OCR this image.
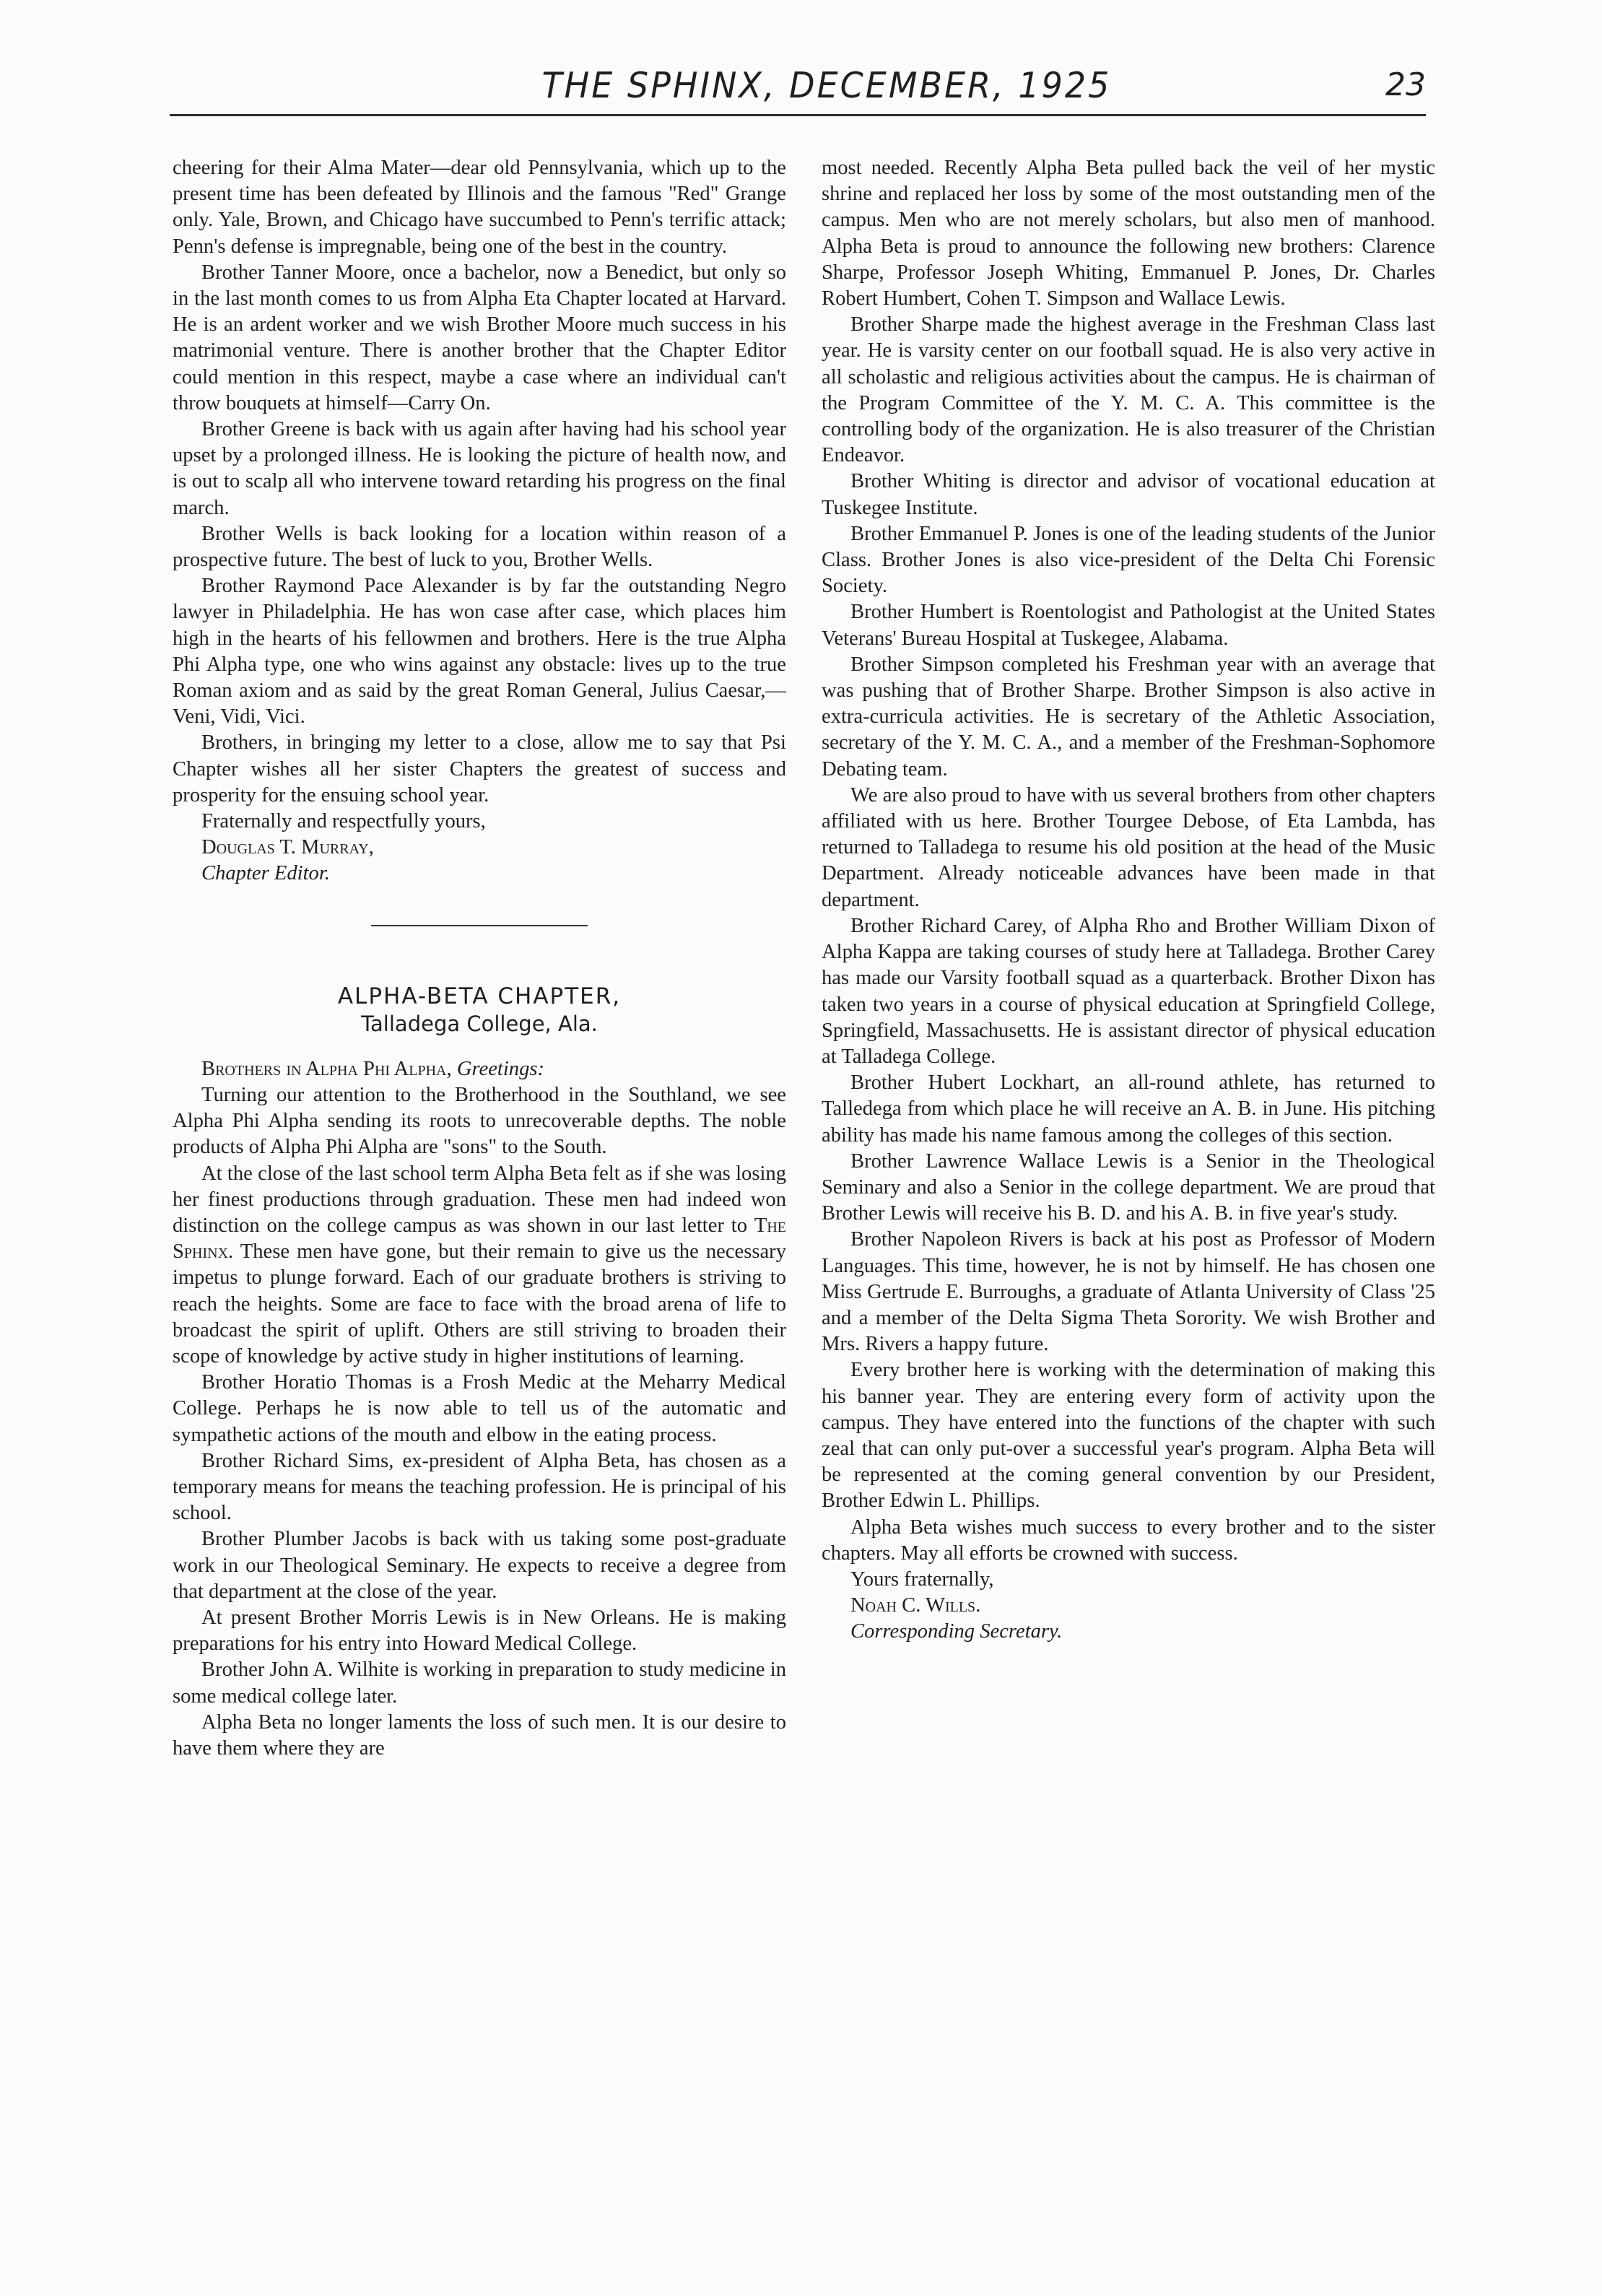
THE SPHINX, DECEMBER, 1925	23

cheering for their Alma Mater—dear old Pennsylvania, which up to the present time has been defeated by Illinois and the famous "Red" Grange only. Yale, Brown, and Chicago have succumbed to Penn's terrific attack; Penn's defense is impregnable, being one of the best in the country.

Brother Tanner Moore, once a bachelor, now a Benedict, but only so in the last month comes to us from Alpha Eta Chapter located at Harvard. He is an ardent worker and we wish Brother Moore much success in his matrimonial venture. There is another brother that the Chapter Editor could mention in this respect, maybe a case where an individual can't throw bouquets at himself—Carry On.

Brother Greene is back with us again after having had his school year upset by a prolonged illness. He is looking the picture of health now, and is out to scalp all who intervene toward retarding his progress on the final march.

Brother Wells is back looking for a location within reason of a prospective future. The best of luck to you, Brother Wells.

Brother Raymond Pace Alexander is by far the outstanding Negro lawyer in Philadelphia. He has won case after case, which places him high in the hearts of his fellowmen and brothers. Here is the true Alpha Phi Alpha type, one who wins against any obstacle: lives up to the true Roman axiom and as said by the great Roman General, Julius Caesar,—Veni, Vidi, Vici.

Brothers, in bringing my letter to a close, allow me to say that Psi Chapter wishes all her sister Chapters the greatest of success and prosperity for the ensuing school year.

Fraternally and respectfully yours,

Douglas T. Murray,

Chapter Editor.

ALPHA-BETA CHAPTER,
Talladega College, Ala.

Brothers in Alpha Phi Alpha, Greetings:

Turning our attention to the Brotherhood in the Southland, we see Alpha Phi Alpha sending its roots to unrecoverable depths. The noble products of Alpha Phi Alpha are "sons" to the South.

At the close of the last school term Alpha Beta felt as if she was losing her finest productions through graduation. These men had indeed won distinction on the college campus as was shown in our last letter to The Sphinx. These men have gone, but their remain to give us the necessary impetus to plunge forward. Each of our graduate brothers is striving to reach the heights. Some are face to face with the broad arena of life to broadcast the spirit of uplift. Others are still striving to broaden their scope of knowledge by active study in higher institutions of learning.

Brother Horatio Thomas is a Frosh Medic at the Meharry Medical College. Perhaps he is now able to tell us of the automatic and sympathetic actions of the mouth and elbow in the eating process.

Brother Richard Sims, ex-president of Alpha Beta, has chosen as a temporary means for means the teaching profession. He is principal of his school.

Brother Plumber Jacobs is back with us taking some post-graduate work in our Theological Seminary. He expects to receive a degree from that department at the close of the year.

At present Brother Morris Lewis is in New Orleans. He is making preparations for his entry into Howard Medical College.

Brother John A. Wilhite is working in preparation to study medicine in some medical college later.

Alpha Beta no longer laments the loss of such men. It is our desire to have them where they are

most needed. Recently Alpha Beta pulled back the veil of her mystic shrine and replaced her loss by some of the most outstanding men of the campus. Men who are not merely scholars, but also men of manhood. Alpha Beta is proud to announce the following new brothers: Clarence Sharpe, Professor Joseph Whiting, Emmanuel P. Jones, Dr. Charles Robert Humbert, Cohen T. Simpson and Wallace Lewis.

Brother Sharpe made the highest average in the Freshman Class last year. He is varsity center on our football squad. He is also very active in all scholastic and religious activities about the campus. He is chairman of the Program Committee of the Y. M. C. A. This committee is the controlling body of the organization. He is also treasurer of the Christian Endeavor.

Brother Whiting is director and advisor of vocational education at Tuskegee Institute.

Brother Emmanuel P. Jones is one of the leading students of the Junior Class. Brother Jones is also vice-president of the Delta Chi Forensic Society.

Brother Humbert is Roentologist and Pathologist at the United States Veterans' Bureau Hospital at Tuskegee, Alabama.

Brother Simpson completed his Freshman year with an average that was pushing that of Brother Sharpe. Brother Simpson is also active in extra-curricula activities. He is secretary of the Athletic Association, secretary of the Y. M. C. A., and a member of the Freshman-Sophomore Debating team.

We are also proud to have with us several brothers from other chapters affiliated with us here. Brother Tourgee Debose, of Eta Lambda, has returned to Talladega to resume his old position at the head of the Music Department. Already noticeable advances have been made in that department.

Brother Richard Carey, of Alpha Rho and Brother William Dixon of Alpha Kappa are taking courses of study here at Talladega. Brother Carey has made our Varsity football squad as a quarterback. Brother Dixon has taken two years in a course of physical education at Springfield College, Springfield, Massachusetts. He is assistant director of physical education at Talladega College.

Brother Hubert Lockhart, an all-round athlete, has returned to Talledega from which place he will receive an A. B. in June. His pitching ability has made his name famous among the colleges of this section.

Brother Lawrence Wallace Lewis is a Senior in the Theological Seminary and also a Senior in the college department. We are proud that Brother Lewis will receive his B. D. and his A. B. in five year's study.

Brother Napoleon Rivers is back at his post as Professor of Modern Languages. This time, however, he is not by himself. He has chosen one Miss Gertrude E. Burroughs, a graduate of Atlanta University of Class '25 and a member of the Delta Sigma Theta Sorority. We wish Brother and Mrs. Rivers a happy future.

Every brother here is working with the determination of making this his banner year. They are entering every form of activity upon the campus. They have entered into the functions of the chapter with such zeal that can only put-over a successful year's program. Alpha Beta will be represented at the coming general convention by our President, Brother Edwin L. Phillips.

Alpha Beta wishes much success to every brother and to the sister chapters. May all efforts be crowned with success.

Yours fraternally,

Noah C. Wills.

Corresponding Secretary.
